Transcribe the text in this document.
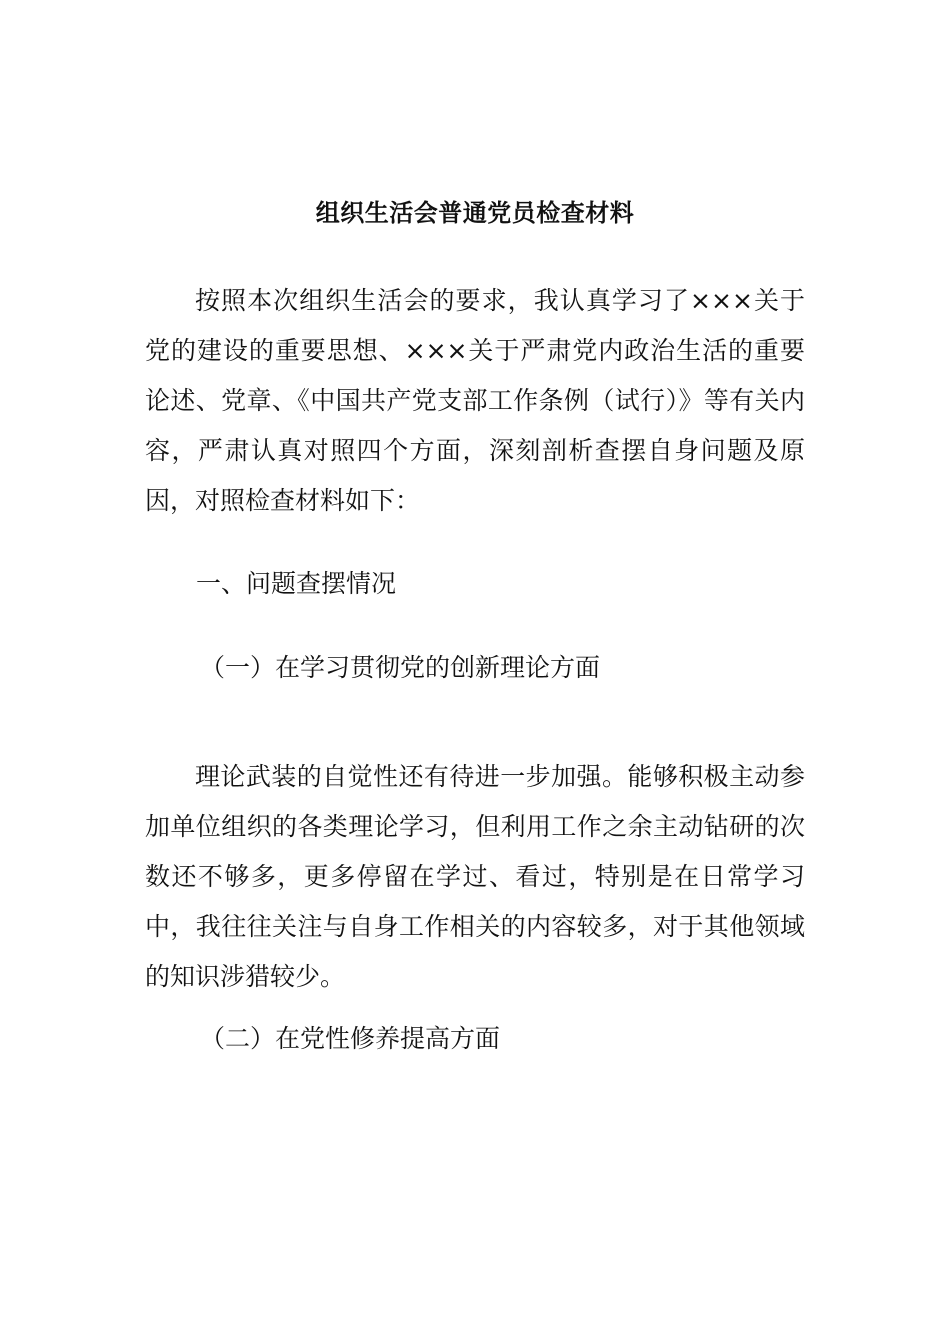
组织生活会普通党员检查材料

按照本次组织生活会的要求，我认真学习了×××关于党的建设的重要思想、×××关于严肃党内政治生活的重要论述、党章、《中国共产党支部工作条例（试行）》等有关内容，严肃认真对照四个方面，深刻剖析查摆自身问题及原因，对照检查材料如下：

一、问题查摆情况
（一）在学习贯彻党的创新理论方面

理论武装的自觉性还有待进一步加强。能够积极主动参加单位组织的各类理论学习，但利用工作之余主动钻研的次数还不够多，更多停留在学过、看过，特别是在日常学习中，我往往关注与自身工作相关的内容较多，对于其他领域的知识涉猎较少。

（二）在党性修养提高方面
